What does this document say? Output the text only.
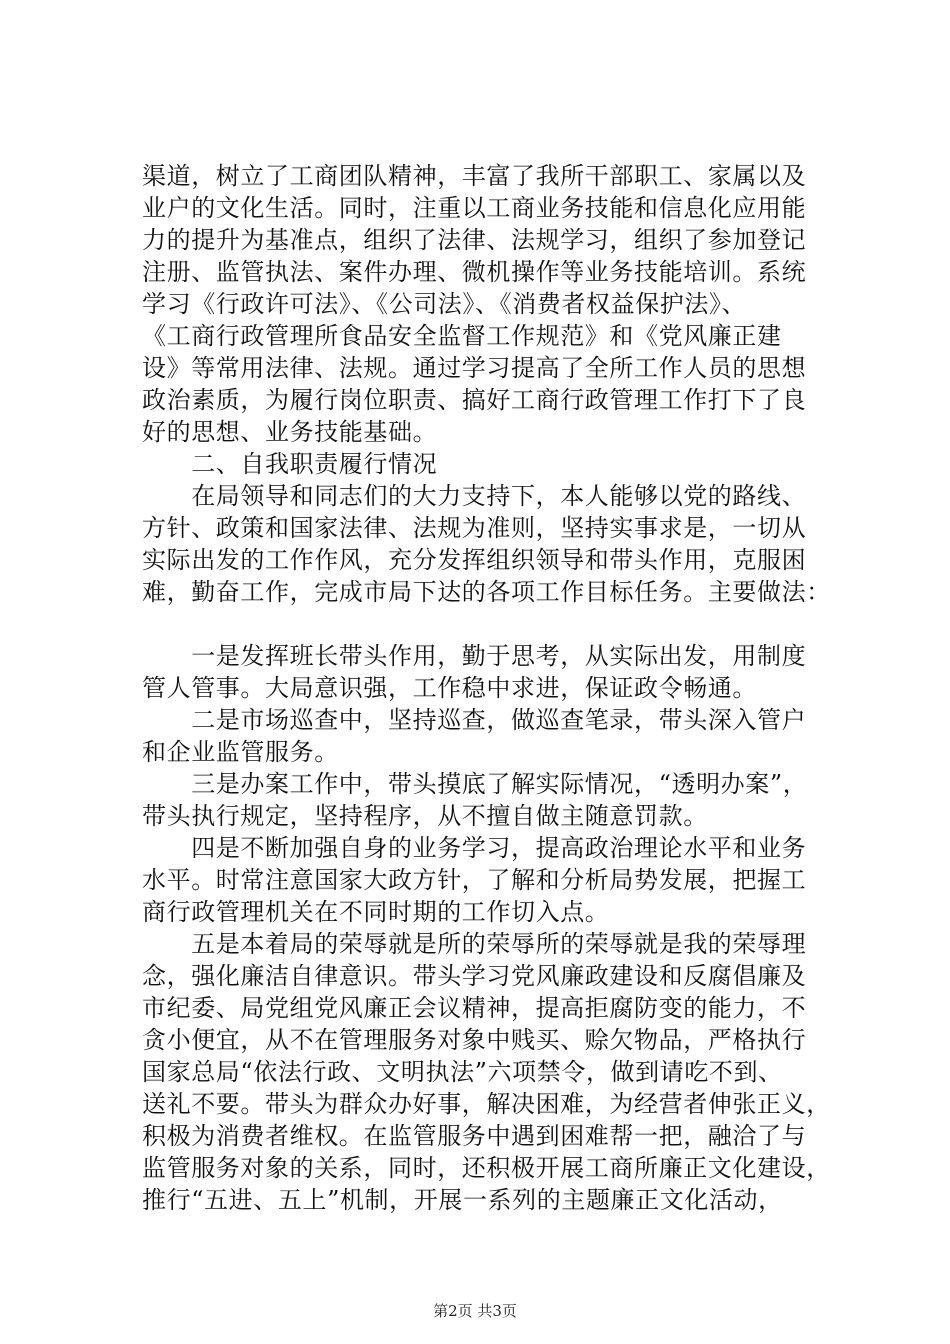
渠道，树立了工商团队精神，丰富了我所干部职工、家属以及
业户的文化生活。同时，注重以工商业务技能和信息化应用能
力的提升为基准点，组织了法律、法规学习，组织了参加登记
注册、监管执法、案件办理、微机操作等业务技能培训。系统
学习《行政许可法》、《公司法》、《消费者权益保护法》、
《工商行政管理所食品安全监督工作规范》和《党风廉正建
设》等常用法律、法规。通过学习提高了全所工作人员的思想
政治素质，为履行岗位职责、搞好工商行政管理工作打下了良
好的思想、业务技能基础。
　　二、自我职责履行情况
　　在局领导和同志们的大力支持下，本人能够以党的路线、
方针、政策和国家法律、法规为准则，坚持实事求是，一切从
实际出发的工作作风，充分发挥组织领导和带头作用，克服困
难，勤奋工作，完成市局下达的各项工作目标任务。主要做法：
　　一是发挥班长带头作用，勤于思考，从实际出发，用制度
管人管事。大局意识强，工作稳中求进，保证政令畅通。
　　二是市场巡查中，坚持巡查，做巡查笔录，带头深入管户
和企业监管服务。
　　三是办案工作中，带头摸底了解实际情况，“透明办案”，
带头执行规定，坚持程序，从不擅自做主随意罚款。
　　四是不断加强自身的业务学习，提高政治理论水平和业务
水平。时常注意国家大政方针，了解和分析局势发展，把握工
商行政管理机关在不同时期的工作切入点。
　　五是本着局的荣辱就是所的荣辱所的荣辱就是我的荣辱理
念，强化廉洁自律意识。带头学习党风廉政建设和反腐倡廉及
市纪委、局党组党风廉正会议精神，提高拒腐防变的能力，不
贪小便宜，从不在管理服务对象中贱买、赊欠物品，严格执行
国家总局“依法行政、文明执法”六项禁令，做到请吃不到、
送礼不要。带头为群众办好事，解决困难，为经营者伸张正义，
积极为消费者维权。在监管服务中遇到困难帮一把，融洽了与
监管服务对象的关系，同时，还积极开展工商所廉正文化建设，
推行“五进、五上”机制，开展一系列的主题廉正文化活动，
第2页 共3页
